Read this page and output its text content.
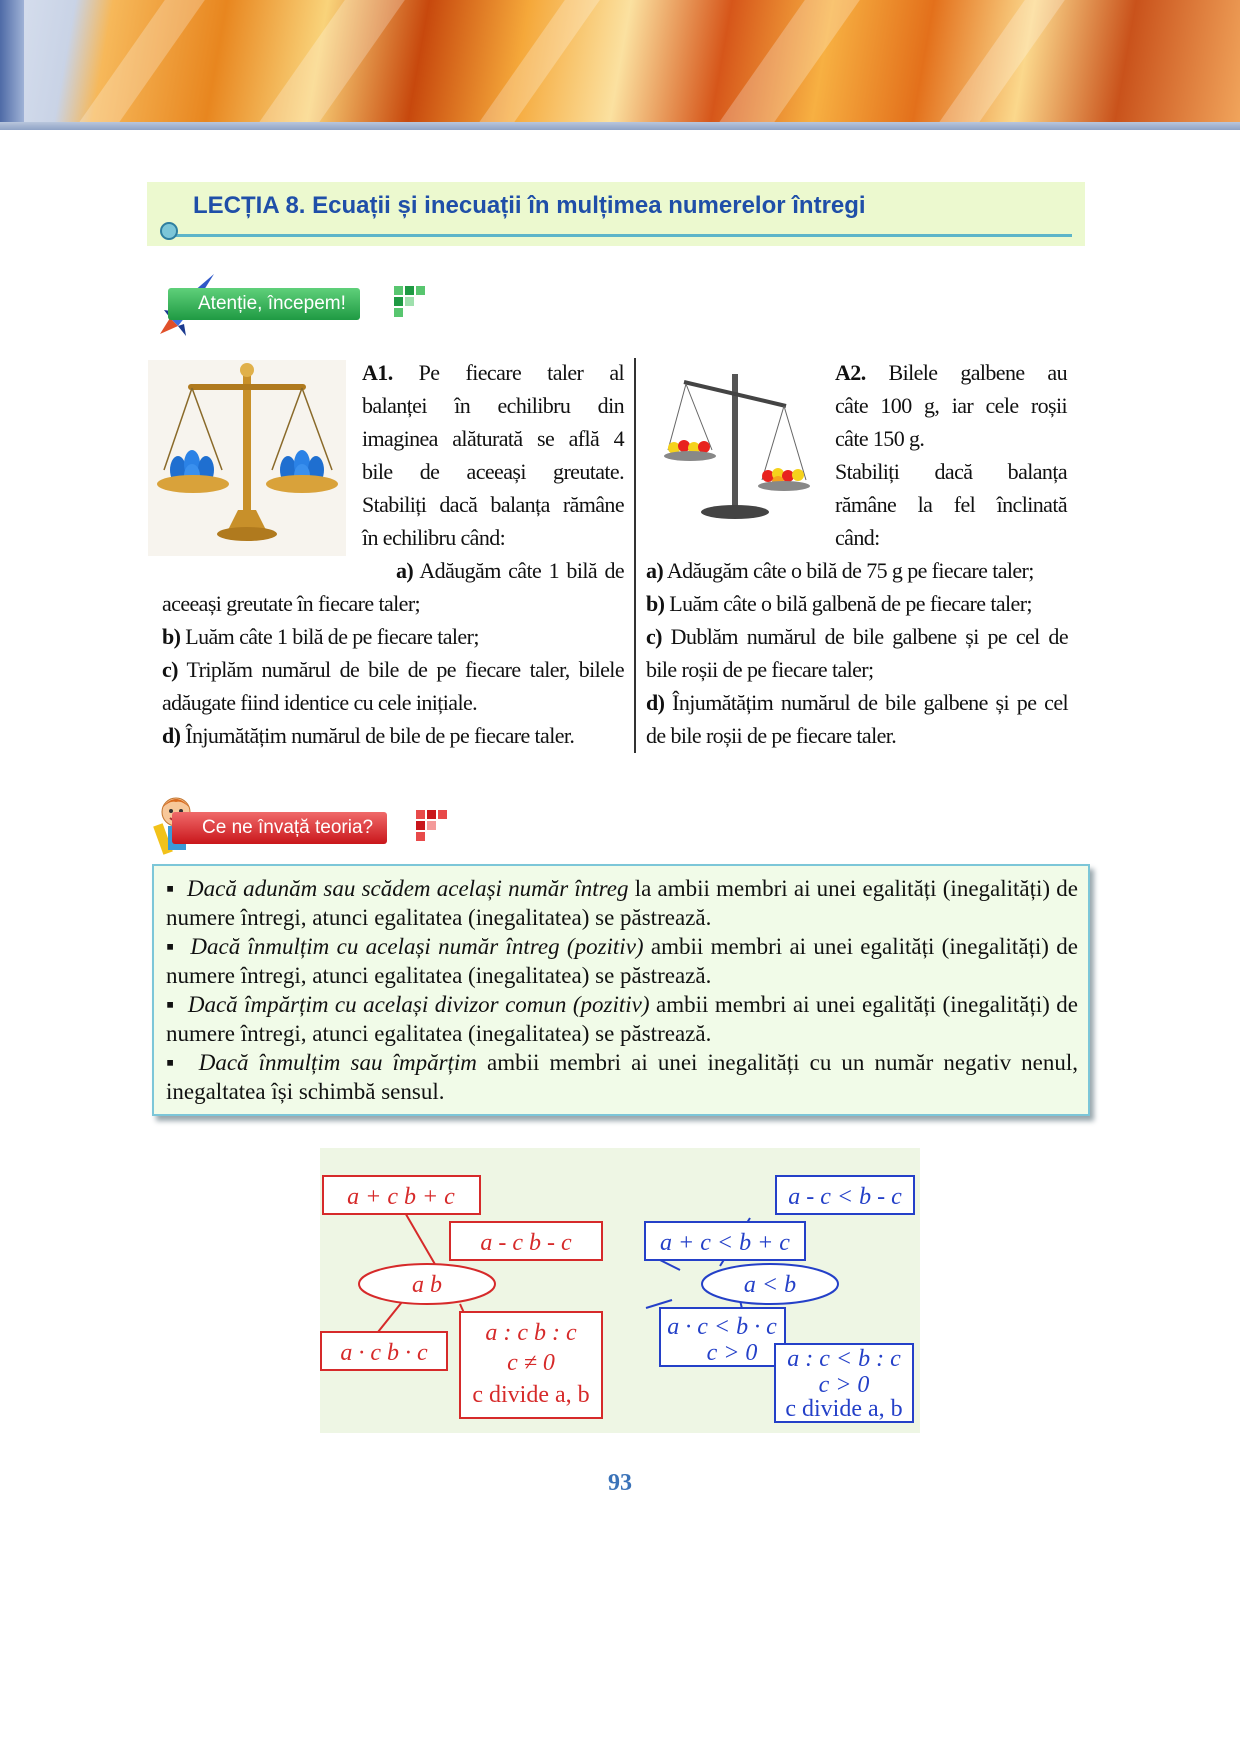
LECȚIA 8. Ecuații și inecuații în mulțimea numerelor întregi
Atenție, începem!
A1. Pe fiecare taler al
balanței în echilibru din
imaginea alăturată se află 4
bile de aceeași greutate.
Stabiliți dacă balanța rămâne
în echilibru când:
a) Adăugăm câte 1 bilă de
aceeași greutate în fiecare taler;
b) Luăm câte 1 bilă de pe fiecare taler;
c) Triplăm numărul de bile de pe fiecare taler, bilele adăugate fiind identice cu cele inițiale.
d) Înjumătățim numărul de bile de pe fiecare taler.
A2. Bilele galbene au
câte 100 g, iar cele roșii
câte 150 g.
Stabiliți dacă balanța
rămâne la fel înclinată
când:
a) Adăugăm câte o bilă de 75 g pe fiecare taler;
b) Luăm câte o bilă galbenă de pe fiecare taler;
c) Dublăm numărul de bile galbene și pe cel de bile roșii de pe fiecare taler;
d) Înjumătățim numărul de bile galbene și pe cel de bile roșii de pe fiecare taler.
Ce ne învață teoria?

▪  Dacă adunăm sau scădem același număr întreg la ambii membri ai unei egalități (inegalități) de numere întregi, atunci egalitatea (inegalitatea) se păstrează.

▪  Dacă înmulțim cu același număr întreg (pozitiv) ambii membri ai unei egalități (inegalități) de numere întregi, atunci egalitatea (inegalitatea) se păstrează.

▪  Dacă împărțim cu același divizor comun (pozitiv) ambii membri ai unei egalități (inegalități) de numere întregi, atunci egalitatea (inegalitatea) se păstrează.

▪  Dacă înmulțim sau împărțim ambii membri ai unei inegalități cu un număr negativ nenul, inegaltatea își schimbă sensul.

a + c b + c
a - c b - c
a b
a · c b · c
a : c b : c
c ≠ 0
c divide a, b
a - c < b - c
a + c < b + c
a < b
a · c < b · c
c > 0 a : c < b : c
c > 0
c divide a, b
93
